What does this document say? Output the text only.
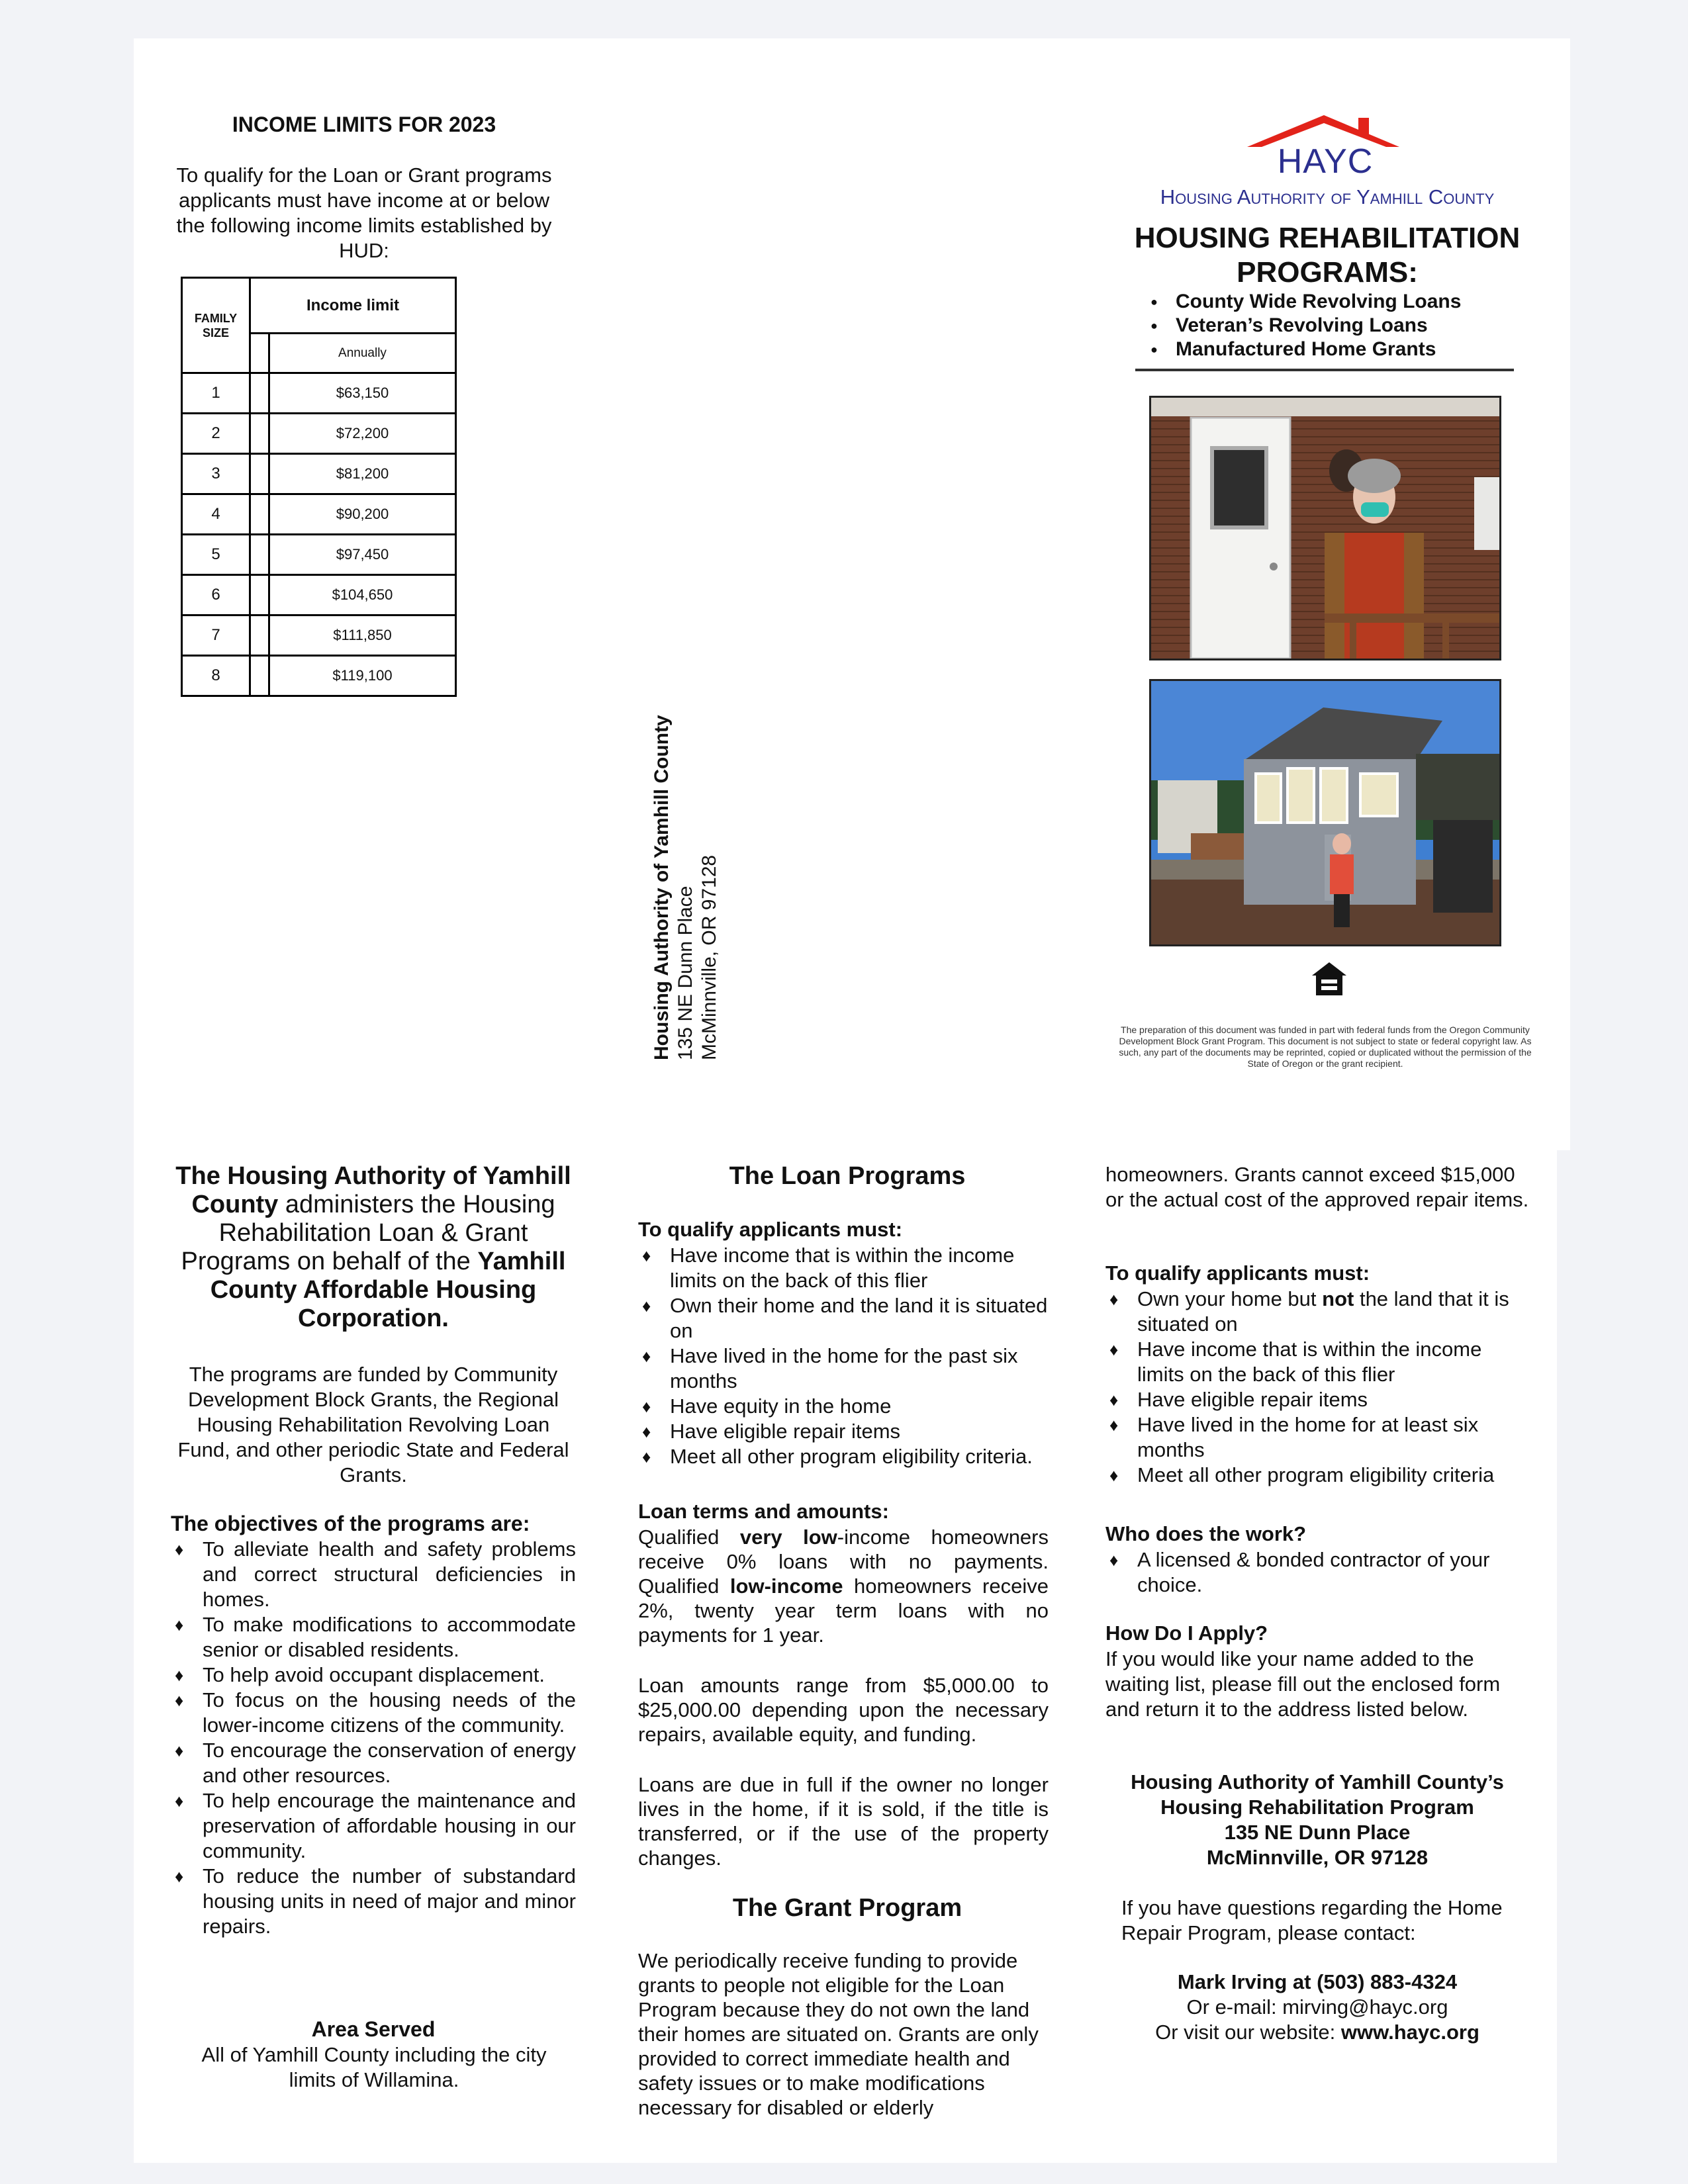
INCOME LIMITS FOR 2023
To qualify for the Loan or Grant programs applicants must have income at or below the following income limits established by HUD:
FAMILY SIZE	Income limit	
		Annually
1		$63,150
2		$72,200
3		$81,200
4		$90,200
5		$97,450
6		$104,650
7		$111,850
8		$119,100
Housing Authority of Yamhill County 135 NE Dunn Place McMinnville, OR 97128
HAYC
Housing Authority of Yamhill County
HOUSING REHABILITATION PROGRAMS:
● County Wide Revolving Loans
● Veteran’s Revolving Loans
● Manufactured Home Grants
The preparation of this document was funded in part with federal funds from the Oregon Community Development Block Grant Program. This document is not subject to state or federal copyright law. As such, any part of the documents may be reprinted, copied or duplicated without the permission of the State of Oregon or the grant recipient.
The Housing Authority of Yamhill County administers the Housing Rehabilitation Loan & Grant Programs on behalf of the Yamhill County Affordable Housing Corporation.
The programs are funded by Community Development Block Grants, the Regional Housing Rehabilitation Revolving Loan Fund, and other periodic State and Federal Grants.
The objectives of the programs are:
♦ To alleviate health and safety problems and correct structural deficiencies in homes.
♦ To make modifications to accommodate senior or disabled residents.
♦ To help avoid occupant displacement.
♦ To focus on the housing needs of the lower-income citizens of the community.
♦ To encourage the conservation of energy and other resources.
♦ To help encourage the maintenance and preservation of affordable housing in our community.
♦ To reduce the number of substandard housing units in need of major and minor repairs.
Area Served
All of Yamhill County including the city limits of Willamina.
The Loan Programs
To qualify applicants must:
♦ Have income that is within the income limits on the back of this flier
♦ Own their home and the land it is situated on
♦ Have lived in the home for the past six months
♦ Have equity in the home
♦ Have eligible repair items
♦ Meet all other program eligibility criteria.
Loan terms and amounts:
Qualified very low-income homeowners receive 0% loans with no payments. Qualified low-income homeowners receive 2%, twenty year term loans with no payments for 1 year.
Loan amounts range from $5,000.00 to $25,000.00 depending upon the necessary repairs, available equity, and funding.
Loans are due in full if the owner no longer lives in the home, if it is sold, if the title is transferred, or if the use of the property changes.
The Grant Program
We periodically receive funding to provide grants to people not eligible for the Loan Program because they do not own the land their homes are situated on. Grants are only provided to correct immediate health and safety issues or to make modifications necessary for disabled or elderly
homeowners. Grants cannot exceed $15,000 or the actual cost of the approved repair items.
To qualify applicants must:
♦ Own your home but not the land that it is situated on
♦ Have income that is within the income limits on the back of this flier
♦ Have eligible repair items
♦ Have lived in the home for at least six months
♦ Meet all other program eligibility criteria
Who does the work?
♦ A licensed & bonded contractor of your choice.
How Do I Apply?
If you would like your name added to the waiting list, please fill out the enclosed form and return it to the address listed below.
Housing Authority of Yamhill County’s
Housing Rehabilitation Program
135 NE Dunn Place
McMinnville, OR 97128
If you have questions regarding the Home Repair Program, please contact:
Mark Irving at (503) 883-4324
Or e-mail: mirving@hayc.org
Or visit our website: www.hayc.org
